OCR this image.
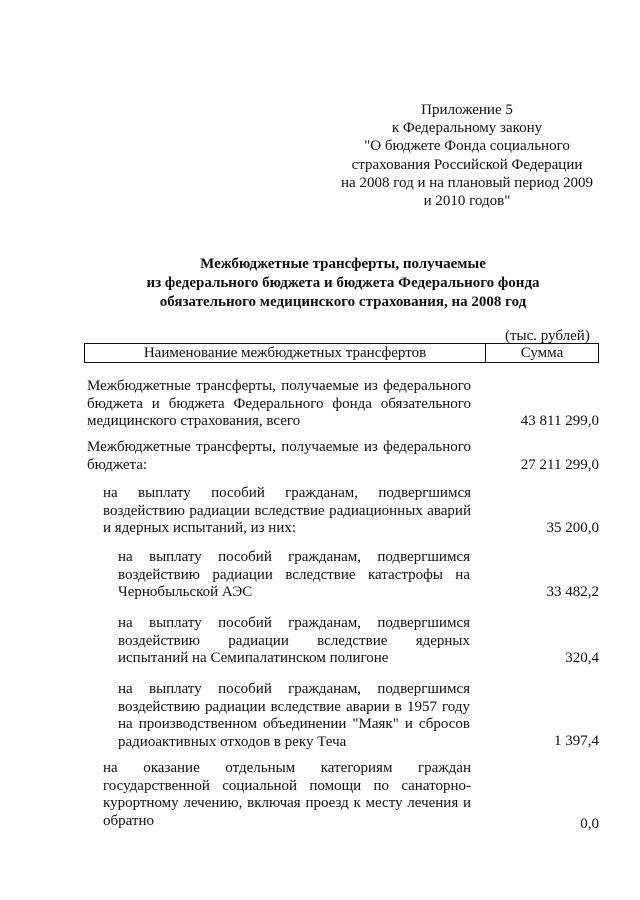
Приложение 5
к Федеральному закону
"О бюджете Фонда социального
страхования Российской Федерации
на 2008 год и на плановый период 2009
и 2010 годов"
Межбюджетные трансферты, получаемые
из федерального бюджета и бюджета Федерального фонда
обязательного медицинского страхования, на 2008 год
(тыс. рублей)
Наименование межбюджетных трансфертов	Сумма
Межбюджетные трансферты, получаемые из федерального
бюджета и бюджета Федерального фонда обязательного
медицинского страхования, всего	43 811 299,0
Межбюджетные трансферты, получаемые из федерального
бюджета:	27 211 299,0
на выплату пособий гражданам, подвергшимся
воздействию радиации вследствие радиационных аварий
и ядерных испытаний, из них:	35 200,0
на выплату пособий гражданам, подвергшимся
воздействию радиации вследствие катастрофы на
Чернобыльской АЭС	33 482,2
на выплату пособий гражданам, подвергшимся
воздействию радиации вследствие ядерных
испытаний на Семипалатинском полигоне	320,4
на выплату пособий гражданам, подвергшимся
воздействию радиации вследствие аварии в 1957 году
на производственном объединении "Маяк" и сбросов
радиоактивных отходов в реку Теча	1 397,4
на оказание отдельным категориям граждан
государственной социальной помощи по санаторно-
курортному лечению, включая проезд к месту лечения и
обратно	0,0
